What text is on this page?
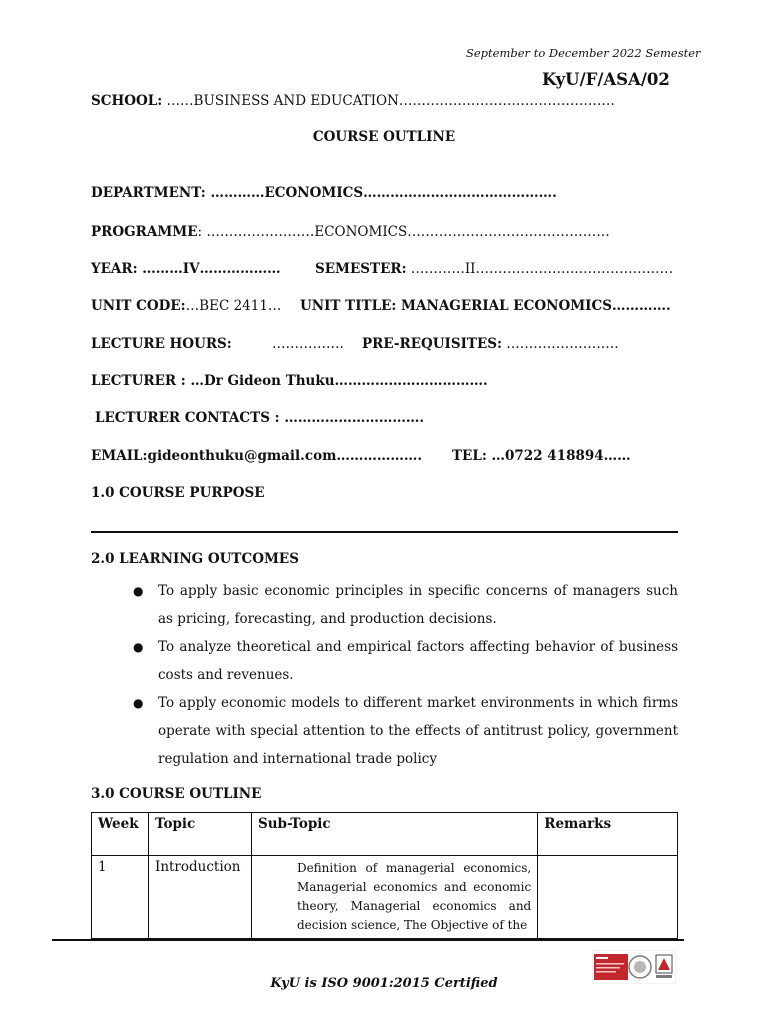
September to December 2022 Semester
KyU/F/ASA/02
SCHOOL: ……BUSINESS AND EDUCATION…………………………………………
COURSE OUTLINE
DEPARTMENT: …………ECONOMICS…………………………………….
PROGRAMME: ……………………ECONOMICS………………………………………
YEAR: ………IV………………	SEMESTER: …………II…………………..…………………
UNIT CODE:…BEC 2411… UNIT TITLE: MANAGERIAL ECONOMICS………….
LECTURE HOURS:	……………. PRE-REQUISITES: …………………….
LECTURER : …Dr Gideon Thuku…………………………….
LECTURER CONTACTS : ………………………….
EMAIL:gideonthuku@gmail.com………………. TEL: …0722 418894……
1.0 COURSE PURPOSE
2.0 LEARNING OUTCOMES
● To apply basic economic principles in specific concerns of managers such as pricing, forecasting, and production decisions.
● To analyze theoretical and empirical factors affecting behavior of business costs and revenues.
● To apply economic models to different market environments in which firms operate with special attention to the effects of antitrust policy, government regulation and international trade policy
3.0 COURSE OUTLINE
Week	Topic	Sub-Topic	Remarks
1	Introduction	Definition of managerial economics, Managerial economics and economic theory, Managerial economics and decision science, The Objective of the	
KyU is ISO 9001:2015 Certified
